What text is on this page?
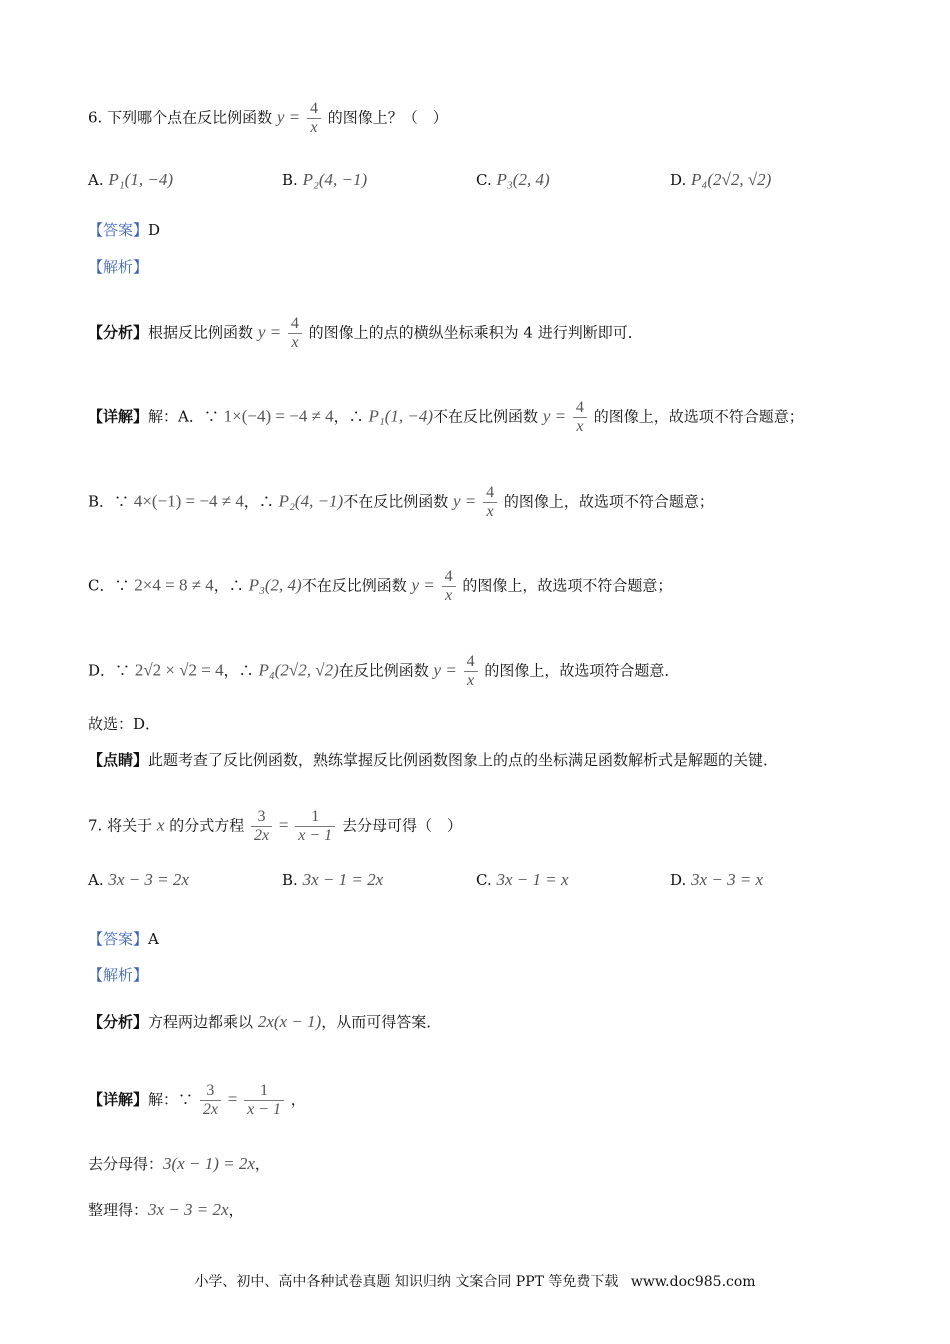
6. 下列哪个点在反比例函数 $y = \frac{4}{x}$ 的图像上？（　）
A. P₁(1, −4)	B. P₂(4, −1)	C. P₃(2, 4)	D. P₄(2√2, √2)
【答案】D
【解析】
【分析】根据反比例函数 $y = \frac{4}{x}$ 的图像上的点的横纵坐标乘积为 4 进行判断即可．
【详解】解：A．∵ 1×(−4) = −4 ≠ 4，∴ P₁(1, −4)不在反比例函数 $y = \frac{4}{x}$ 的图像上，故选项不符合题意；
B．∵ 4×(−1) = −4 ≠ 4，∴ P₂(4, −1)不在反比例函数 $y = \frac{4}{x}$ 的图像上，故选项不符合题意；
C．∵ 2×4 = 8 ≠ 4，∴ P₃(2, 4)不在反比例函数 $y = \frac{4}{x}$ 的图像上，故选项不符合题意；
D．∵ 2√2 × √2 = 4，∴ P₄(2√2, √2)在反比例函数 $y = \frac{4}{x}$ 的图像上，故选项符合题意．
故选：D．
【点睛】此题考查了反比例函数，熟练掌握反比例函数图象上的点的坐标满足函数解析式是解题的关键．
7. 将关于 x 的分式方程 $\frac{3}{2x} = \frac{1}{x - 1}$ 去分母可得（　）
A. 3x − 3 = 2x	B. 3x − 1 = 2x	C. 3x − 1 = x	D. 3x − 3 = x
【答案】A
【解析】
【分析】方程两边都乘以 2x(x − 1)，从而可得答案．
【详解】解：∵ $\frac{3}{2x} = \frac{1}{x - 1}$ ，
去分母得：3(x − 1) = 2x，
整理得：3x − 3 = 2x，
小学、初中、高中各种试卷真题 知识归纳 文案合同 PPT 等免费下载 www.doc985.com
